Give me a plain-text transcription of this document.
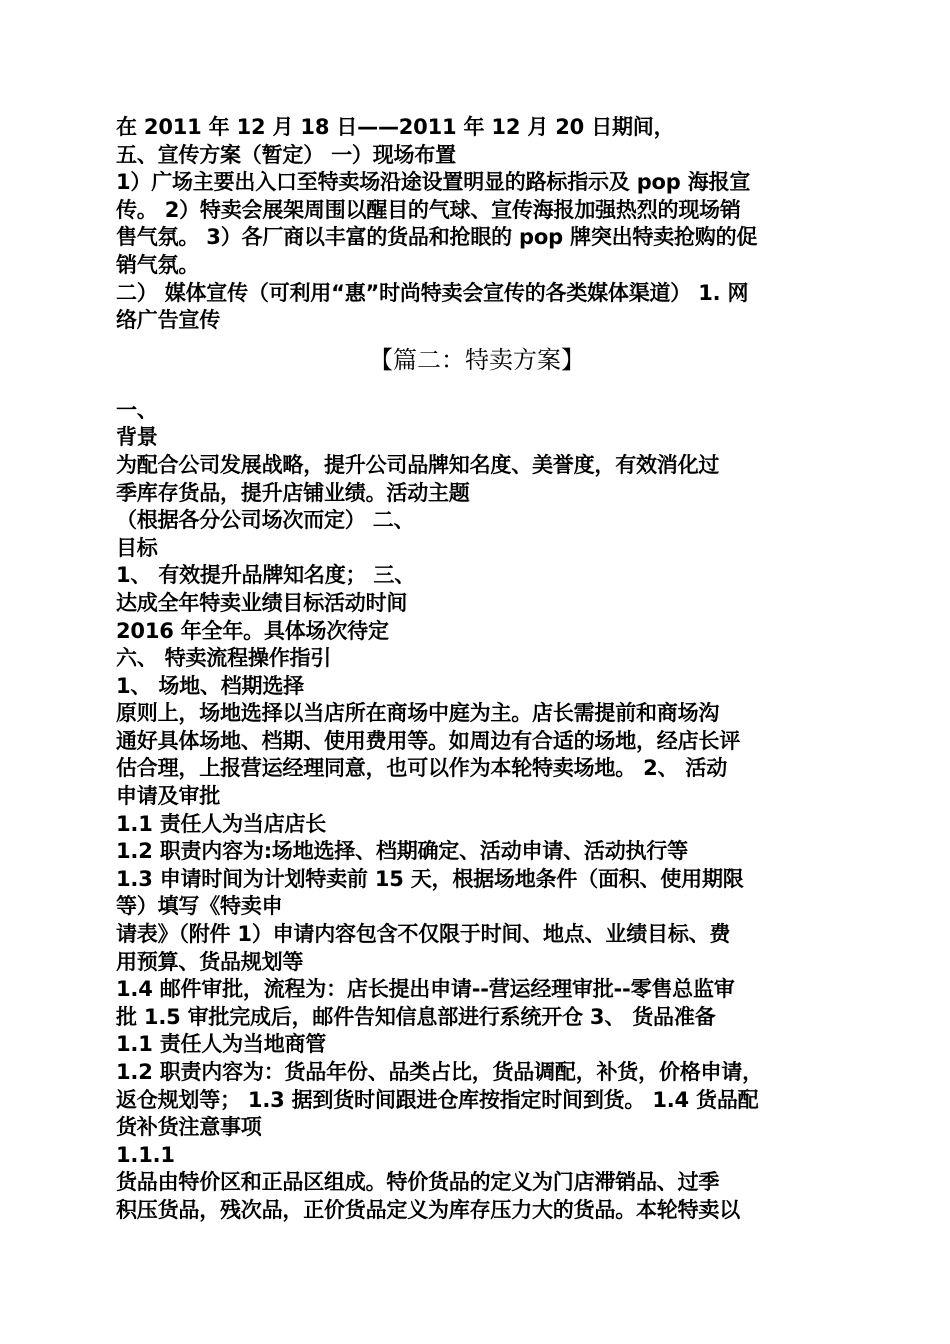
在 2011 年 12 月 18 日——2011 年 12 月 20 日期间，
五、宣传方案（暂定） 一）现场布置
1）广场主要出入口至特卖场沿途设置明显的路标指示及 pop 海报宣
传。 2）特卖会展架周围以醒目的气球、宣传海报加强热烈的现场销
售气氛。 3）各厂商以丰富的货品和抢眼的 pop 牌突出特卖抢购的促
销气氛。
二） 媒体宣传（可利用“惠”时尚特卖会宣传的各类媒体渠道） 1. 网
络广告宣传
【篇二：特卖方案】
一、
背景
为配合公司发展战略，提升公司品牌知名度、美誉度，有效消化过
季库存货品，提升店铺业绩。活动主题
（根据各分公司场次而定） 二、
目标
1、 有效提升品牌知名度； 三、
达成全年特卖业绩目标活动时间
2016 年全年。具体场次待定
六、 特卖流程操作指引
1、 场地、档期选择
原则上，场地选择以当店所在商场中庭为主。店长需提前和商场沟
通好具体场地、档期、使用费用等。如周边有合适的场地，经店长评
估合理，上报营运经理同意，也可以作为本轮特卖场地。 2、 活动
申请及审批
1.1 责任人为当店店长
1.2 职责内容为:场地选择、档期确定、活动申请、活动执行等
1.3 申请时间为计划特卖前 15 天，根据场地条件（面积、使用期限
等）填写《特卖申
请表》（附件 1）申请内容包含不仅限于时间、地点、业绩目标、费
用预算、货品规划等
1.4 邮件审批，流程为：店长提出申请--营运经理审批--零售总监审
批 1.5 审批完成后，邮件告知信息部进行系统开仓 3、 货品准备
1.1 责任人为当地商管
1.2 职责内容为：货品年份、品类占比，货品调配，补货，价格申请，
返仓规划等； 1.3 据到货时间跟进仓库按指定时间到货。 1.4 货品配
货补货注意事项
1.1.1
货品由特价区和正品区组成。特价货品的定义为门店滞销品、过季
积压货品，残次品，正价货品定义为库存压力大的货品。本轮特卖以
